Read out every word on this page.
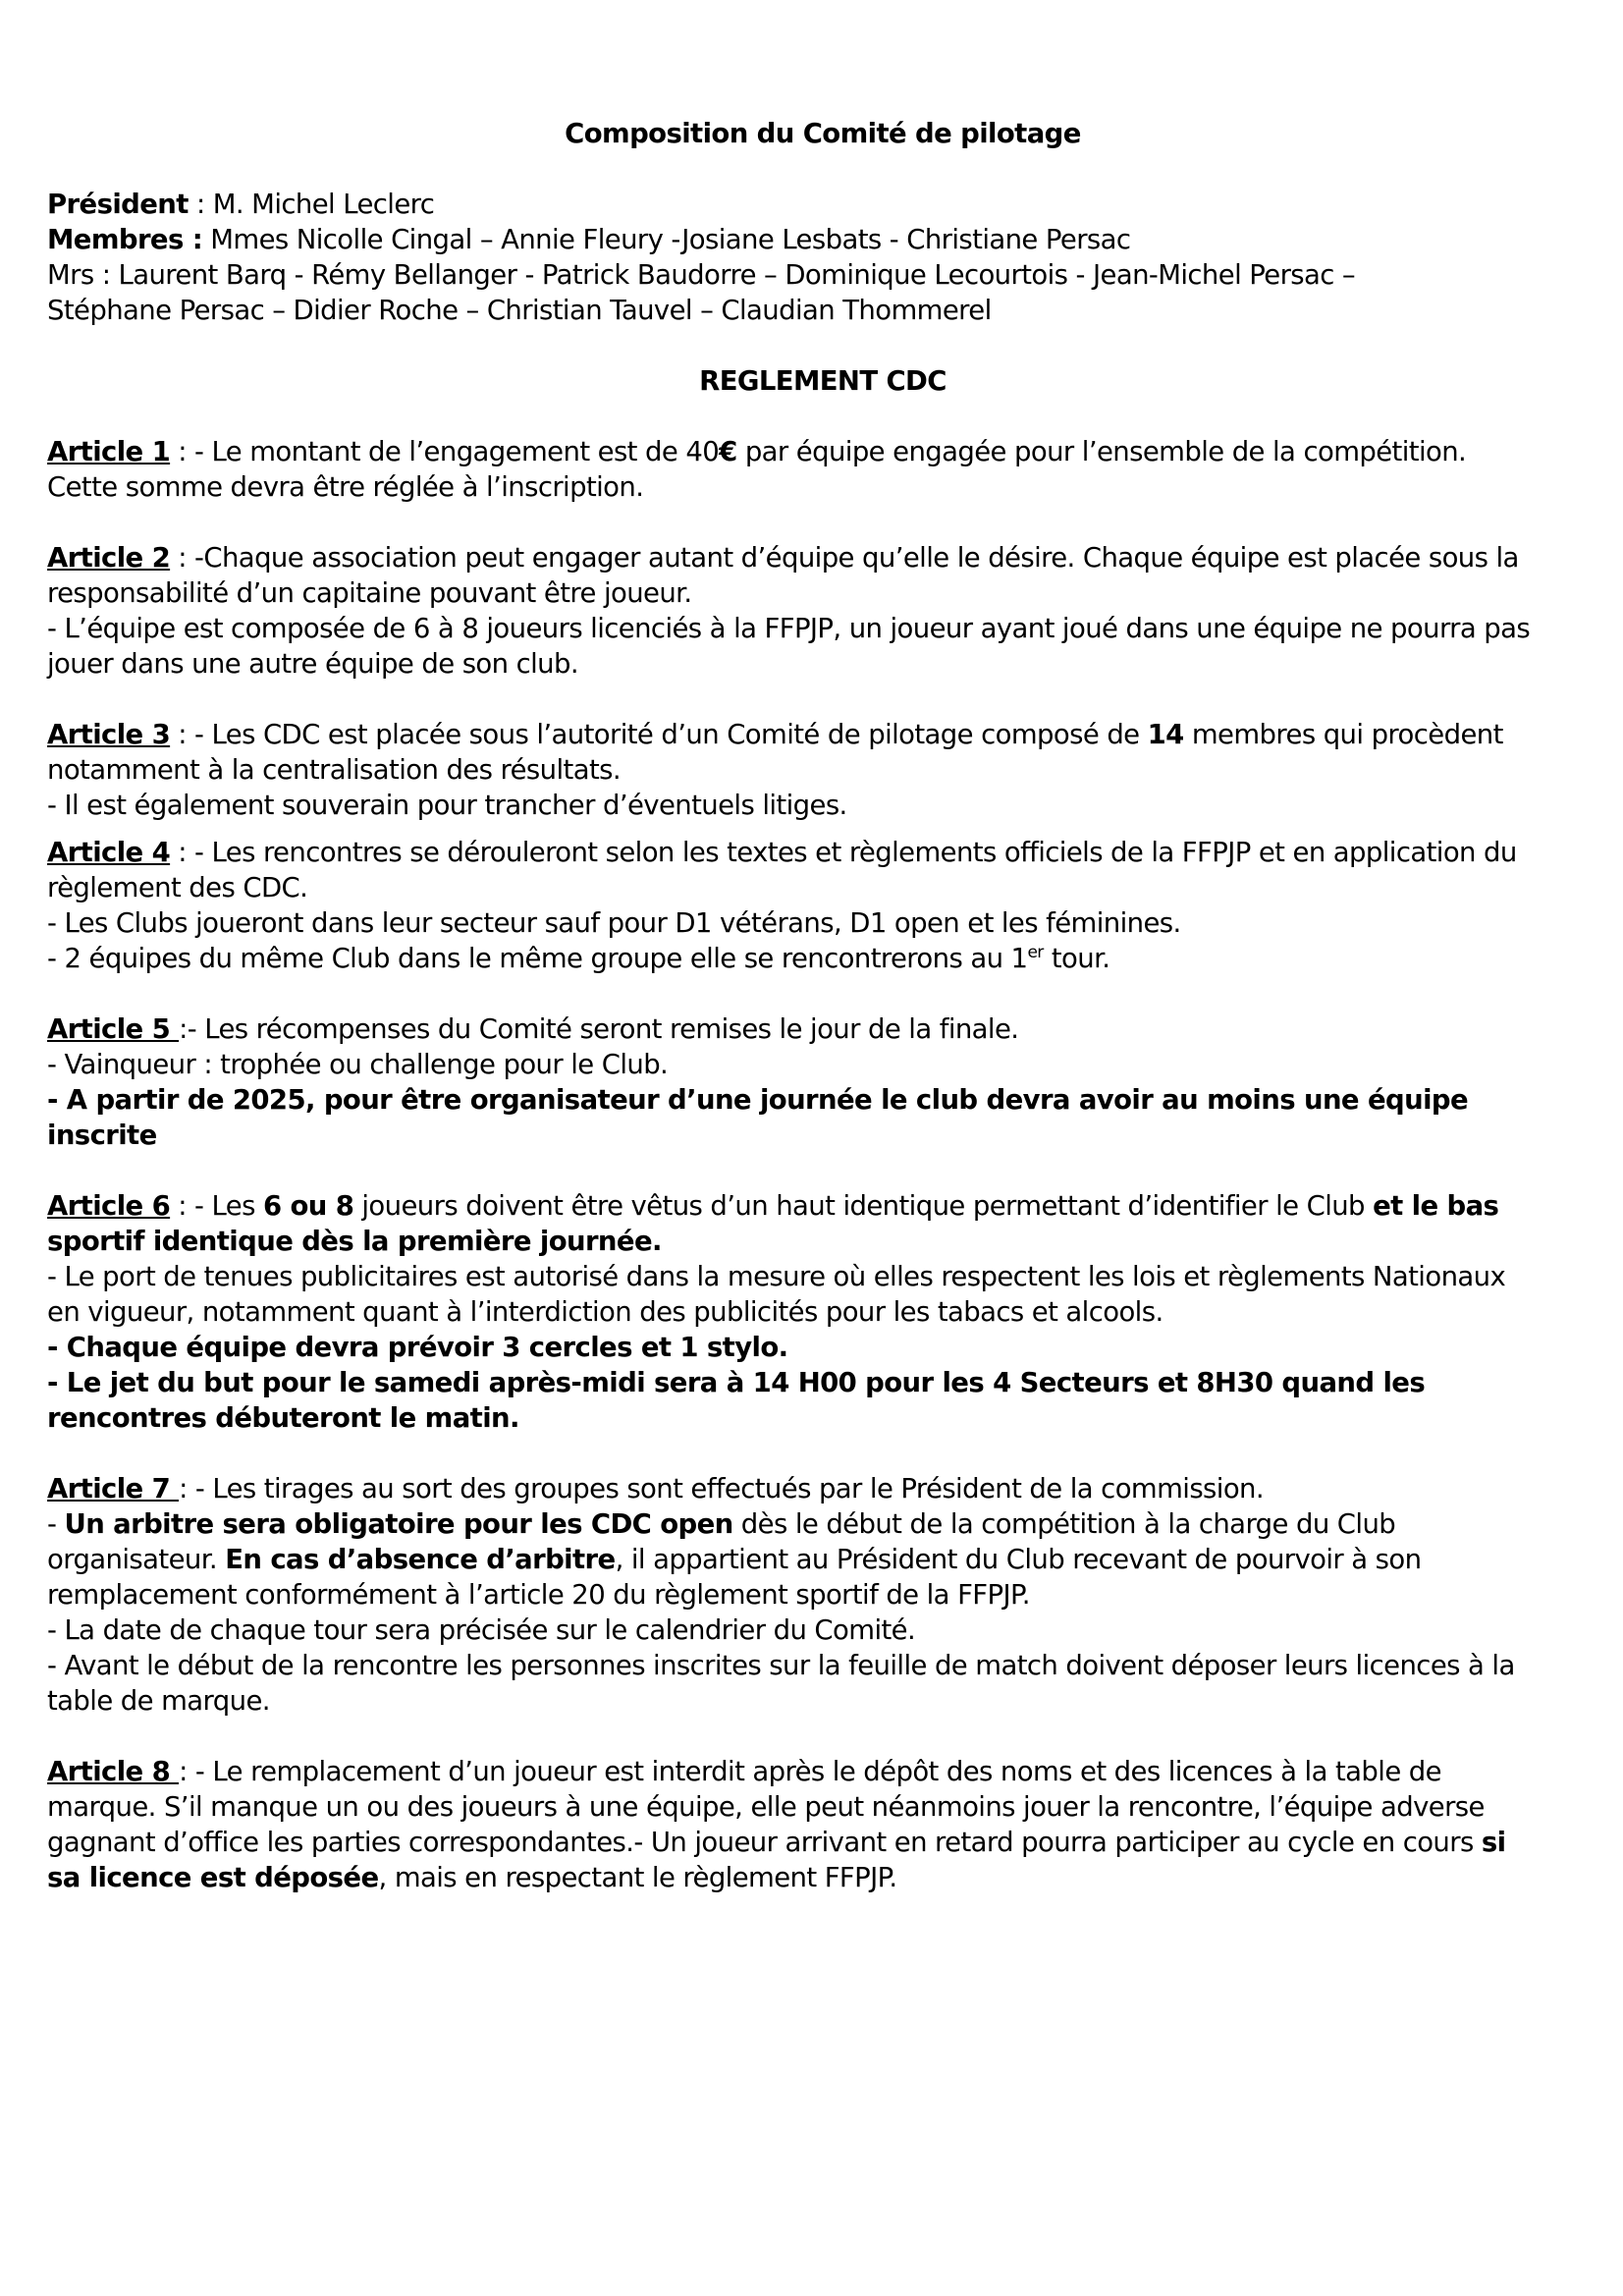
Composition du Comité de pilotage

Président : M. Michel Leclerc

Membres : Mmes Nicolle Cingal – Annie Fleury -Josiane Lesbats - Christiane Persac

Mrs : Laurent Barq - Rémy Bellanger - Patrick Baudorre – Dominique Lecourtois - Jean-Michel Persac –

Stéphane Persac – Didier Roche – Christian Tauvel – Claudian Thommerel

REGLEMENT CDC

Article 1 : - Le montant de l’engagement est de 40€ par équipe engagée pour l’ensemble de la compétition.

Cette somme devra être réglée à l’inscription.

Article 2 : -Chaque association peut engager autant d’équipe qu’elle le désire. Chaque équipe est placée sous la

responsabilité d’un capitaine pouvant être joueur.

- L’équipe est composée de 6 à 8 joueurs licenciés à la FFPJP, un joueur ayant joué dans une équipe ne pourra pas

jouer dans une autre équipe de son club.

Article 3 : - Les CDC est placée sous l’autorité d’un Comité de pilotage composé de 14 membres qui procèdent

notamment à la centralisation des résultats.

- Il est également souverain pour trancher d’éventuels litiges.

Article 4 : - Les rencontres se dérouleront selon les textes et règlements officiels de la FFPJP et en application du

règlement des CDC.

- Les Clubs joueront dans leur secteur sauf pour D1 vétérans, D1 open et les féminines.

- 2 équipes du même Club dans le même groupe elle se rencontrerons au 1er tour.

Article 5 :- Les récompenses du Comité seront remises le jour de la finale.

- Vainqueur : trophée ou challenge pour le Club.

- A partir de 2025, pour être organisateur d’une journée le club devra avoir au moins une équipe

inscrite

Article 6 : - Les 6 ou 8 joueurs doivent être vêtus d’un haut identique permettant d’identifier le Club et le bas

sportif identique dès la première journée.

- Le port de tenues publicitaires est autorisé dans la mesure où elles respectent les lois et règlements Nationaux

en vigueur, notamment quant à l’interdiction des publicités pour les tabacs et alcools.

- Chaque équipe devra prévoir 3 cercles et 1 stylo.

- Le jet du but pour le samedi après-midi sera à 14 H00 pour les 4 Secteurs et 8H30 quand les

rencontres débuteront le matin.

Article 7 : - Les tirages au sort des groupes sont effectués par le Président de la commission.

- Un arbitre sera obligatoire pour les CDC open dès le début de la compétition à la charge du Club

organisateur. En cas d’absence d’arbitre, il appartient au Président du Club recevant de pourvoir à son

remplacement conformément à l’article 20 du règlement sportif de la FFPJP.

- La date de chaque tour sera précisée sur le calendrier du Comité.

- Avant le début de la rencontre les personnes inscrites sur la feuille de match doivent déposer leurs licences à la

table de marque.

Article 8 : - Le remplacement d’un joueur est interdit après le dépôt des noms et des licences à la table de

marque. S’il manque un ou des joueurs à une équipe, elle peut néanmoins jouer la rencontre, l’équipe adverse

gagnant d’office les parties correspondantes.- Un joueur arrivant en retard pourra participer au cycle en cours si

sa licence est déposée, mais en respectant le règlement FFPJP.
